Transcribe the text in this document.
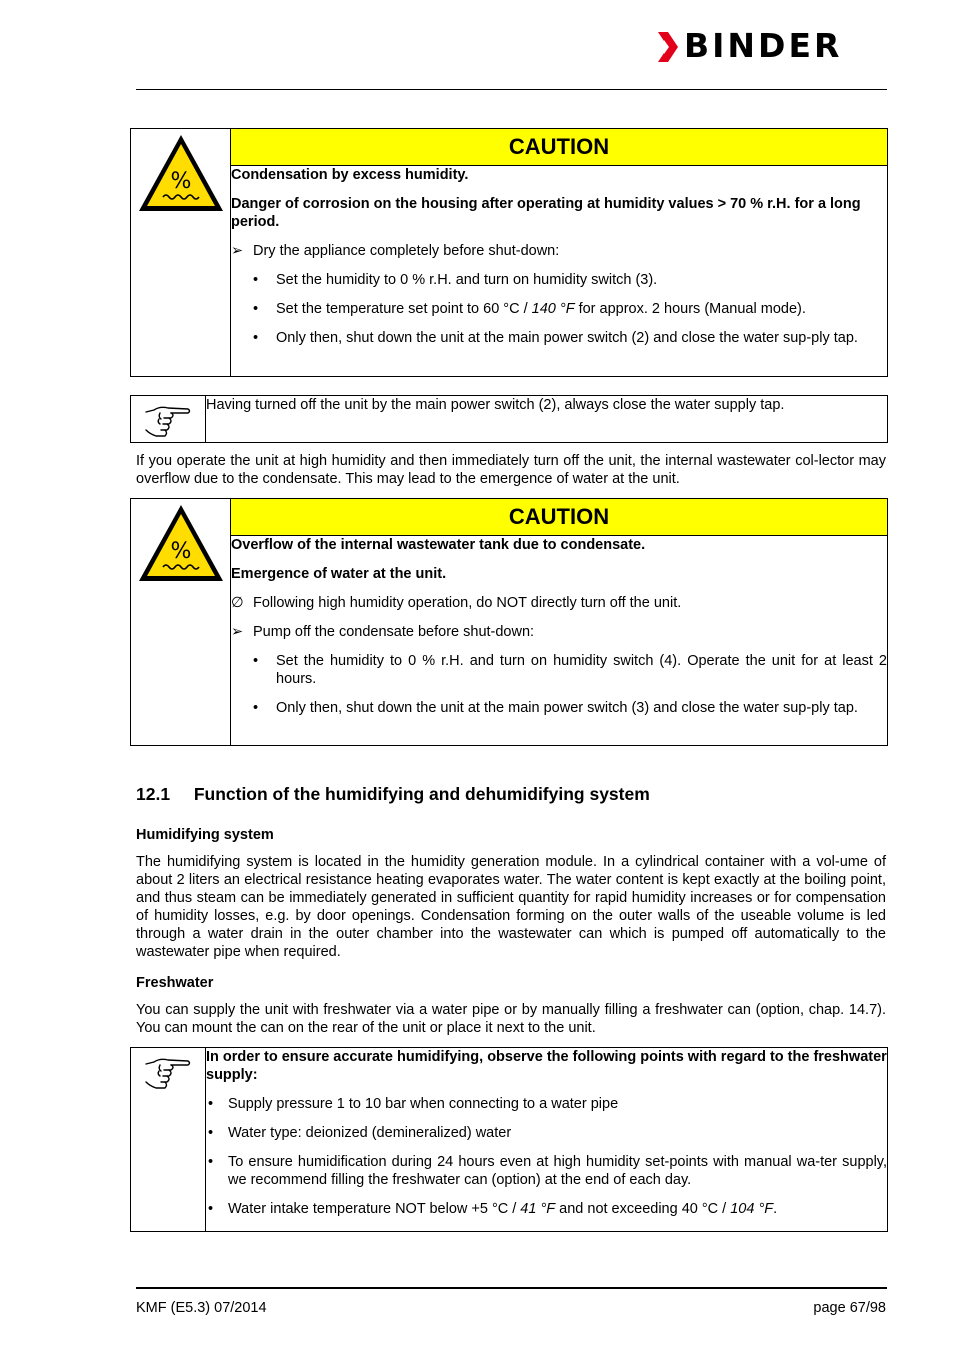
BINDER
%
	CAUTION

Condensation by excess humidity.
Danger of corrosion on the housing after operating at humidity values > 70 % r.H. for a long period.
➢ Dry the appliance completely before shut-down:
• Set the humidity to 0 % r.H. and turn on humidity switch (3).
• Set the temperature set point to 60 °C / 140 °F for approx. 2 hours (Manual mode).
• Only then, shut down the unit at the main power switch (2) and close the water sup-ply tap.

Having turned off the unit by the main power switch (2), always close the water supply tap.
If you operate the unit at high humidity and then immediately turn off the unit, the internal wastewater col-lector may overflow due to the condensate. This may lead to the emergence of water at the unit.
%
	CAUTION

Overflow of the internal wastewater tank due to condensate.
Emergence of water at the unit.
∅ Following high humidity operation, do NOT directly turn off the unit.
➢ Pump off the condensate before shut-down:
• Set the humidity to 0 % r.H. and turn on humidity switch (4). Operate the unit for at least 2 hours.
• Only then, shut down the unit at the main power switch (3) and close the water sup-ply tap.
12.1 Function of the humidifying and dehumidifying system
Humidifying system
The humidifying system is located in the humidity generation module. In a cylindrical container with a vol-ume of about 2 liters an electrical resistance heating evaporates water. The water content is kept exactly at the boiling point, and thus steam can be immediately generated in sufficient quantity for rapid humidity increases or for compensation of humidity losses, e.g. by door openings. Condensation forming on the outer walls of the useable volume is led through a water drain in the outer chamber into the wastewater can which is pumped off automatically to the wastewater pipe when required.
Freshwater
You can supply the unit with freshwater via a water pipe or by manually filling a freshwater can (option, chap. 14.7). You can mount the can on the rear of the unit or place it next to the unit.

In order to ensure accurate humidifying, observe the following points with regard to the freshwater supply:
• Supply pressure 1 to 10 bar when connecting to a water pipe
• Water type: deionized (demineralized) water
• To ensure humidification during 24 hours even at high humidity set-points with manual wa-ter supply, we recommend filling the freshwater can (option) at the end of each day.
• Water intake temperature NOT below +5 °C / 41 °F and not exceeding 40 °C / 104 °F.
KMF (E5.3) 07/2014	page 67/98
